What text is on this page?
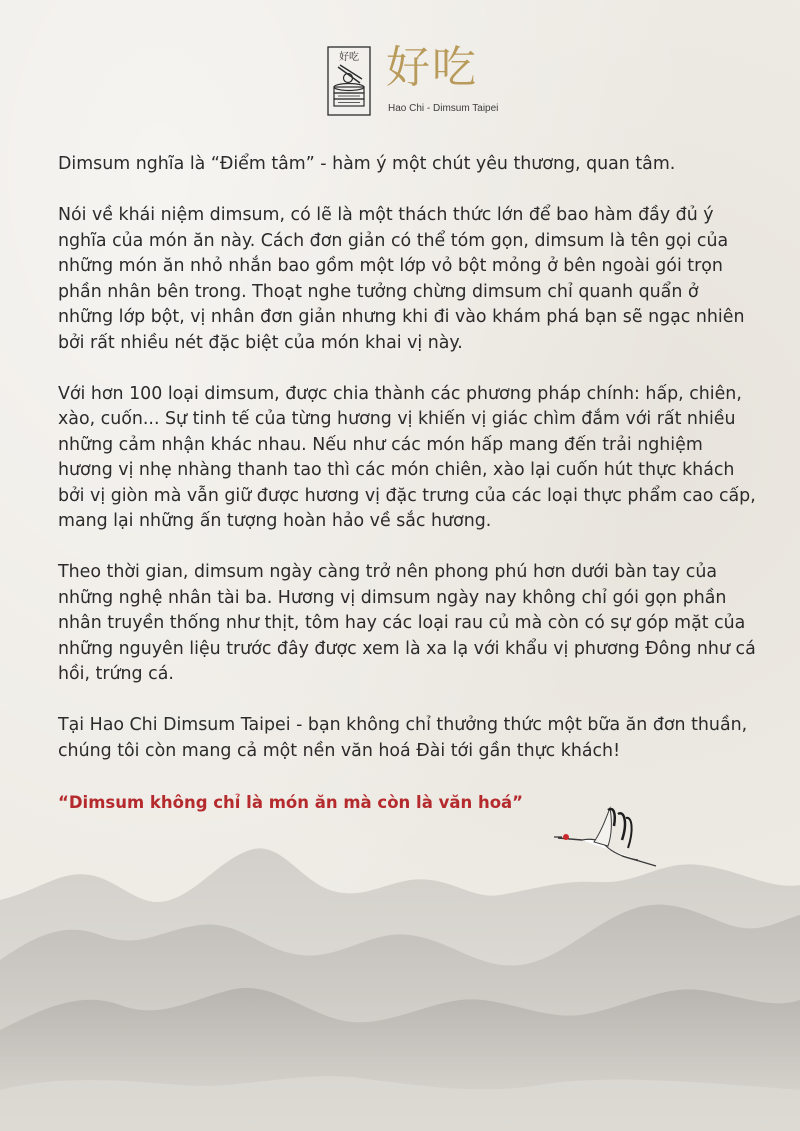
好吃 好吃
Hao Chi - Dimsum Taipei

Dimsum nghĩa là “Điểm tâm” - hàm ý một chút yêu thương, quan tâm.

Nói về khái niệm dimsum, có lẽ là một thách thức lớn để bao hàm đầy đủ ý nghĩa của món ăn này. Cách đơn giản có thể tóm gọn, dimsum là tên gọi của những món ăn nhỏ nhắn bao gồm một lớp vỏ bột mỏng ở bên ngoài gói trọn phần nhân bên trong. Thoạt nghe tưởng chừng dimsum chỉ quanh quẩn ở những lớp bột, vị nhân đơn giản nhưng khi đi vào khám phá bạn sẽ ngạc nhiên bởi rất nhiều nét đặc biệt của món khai vị này.

Với hơn 100 loại dimsum, được chia thành các phương pháp chính: hấp, chiên, xào, cuốn... Sự tinh tế của từng hương vị khiến vị giác chìm đắm với rất nhiều những cảm nhận khác nhau. Nếu như các món hấp mang đến trải nghiệm hương vị nhẹ nhàng thanh tao thì các món chiên, xào lại cuốn hút thực khách bởi vị giòn mà vẫn giữ được hương vị đặc trưng của các loại thực phẩm cao cấp, mang lại những ấn tượng hoàn hảo về sắc hương.

Theo thời gian, dimsum ngày càng trở nên phong phú hơn dưới bàn tay của những nghệ nhân tài ba. Hương vị dimsum ngày nay không chỉ gói gọn phần nhân truyền thống như thịt, tôm hay các loại rau củ mà còn có sự góp mặt của những nguyên liệu trước đây được xem là xa lạ với khẩu vị phương Đông như cá hồi, trứng cá.

Tại Hao Chi Dimsum Taipei - bạn không chỉ thưởng thức một bữa ăn đơn thuần, chúng tôi còn mang cả một nền văn hoá Đài tới gần thực khách!

“Dimsum không chỉ là món ăn mà còn là văn hoá”
